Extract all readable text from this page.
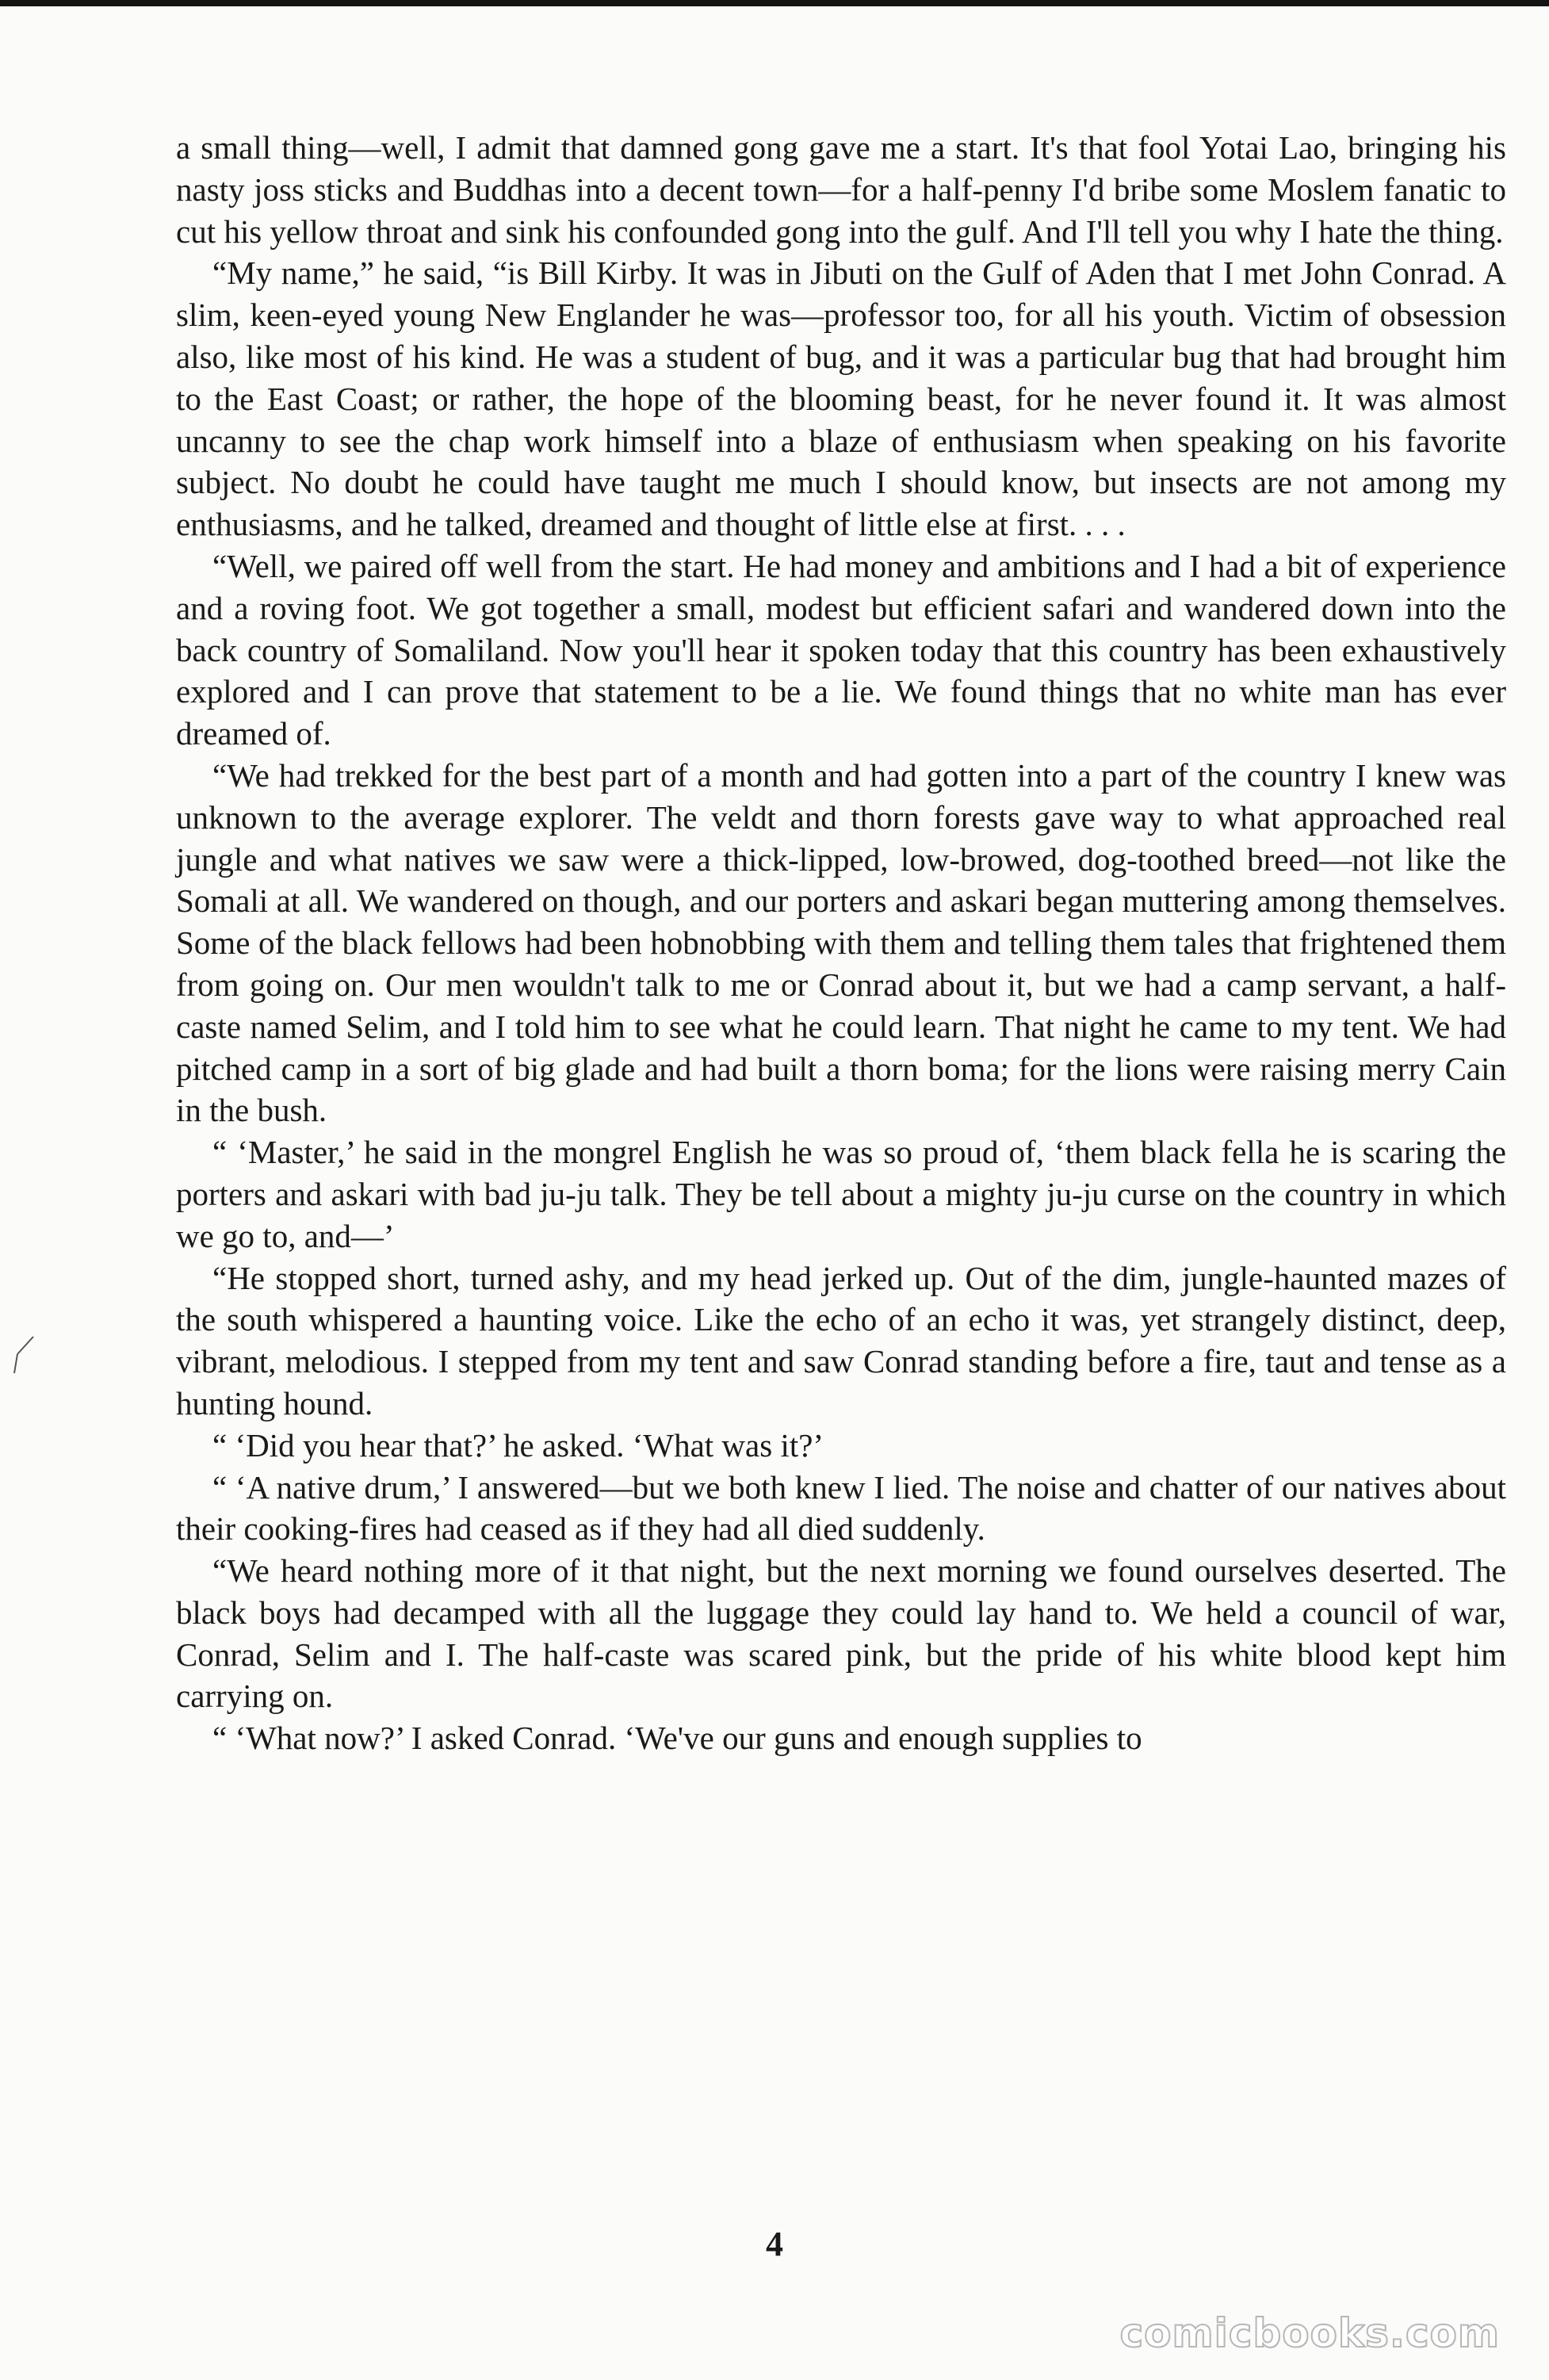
a small thing—well, I admit that damned gong gave me a start. It's that fool Yotai Lao, bringing his nasty joss sticks and Buddhas into a decent town—for a half-penny I'd bribe some Moslem fanatic to cut his yellow throat and sink his confounded gong into the gulf. And I'll tell you why I hate the thing.

“My name,” he said, “is Bill Kirby. It was in Jibuti on the Gulf of Aden that I met John Conrad. A slim, keen-eyed young New Englander he was—professor too, for all his youth. Victim of obsession also, like most of his kind. He was a student of bug, and it was a particular bug that had brought him to the East Coast; or rather, the hope of the blooming beast, for he never found it. It was almost uncanny to see the chap work himself into a blaze of enthusiasm when speaking on his favorite subject. No doubt he could have taught me much I should know, but insects are not among my enthusiasms, and he talked, dreamed and thought of little else at first. . . .

“Well, we paired off well from the start. He had money and ambitions and I had a bit of experience and a roving foot. We got together a small, modest but efficient safari and wandered down into the back country of Somaliland. Now you'll hear it spoken today that this country has been exhaustively explored and I can prove that statement to be a lie. We found things that no white man has ever dreamed of.

“We had trekked for the best part of a month and had gotten into a part of the country I knew was unknown to the average explorer. The veldt and thorn forests gave way to what approached real jungle and what natives we saw were a thick-lipped, low-browed, dog-toothed breed—not like the Somali at all. We wandered on though, and our porters and askari began muttering among themselves. Some of the black fellows had been hobnobbing with them and telling them tales that frightened them from going on. Our men wouldn't talk to me or Conrad about it, but we had a camp servant, a half-caste named Selim, and I told him to see what he could learn. That night he came to my tent. We had pitched camp in a sort of big glade and had built a thorn boma; for the lions were raising merry Cain in the bush.

“ ‘Master,’ he said in the mongrel English he was so proud of, ‘them black fella he is scaring the porters and askari with bad ju-ju talk. They be tell about a mighty ju-ju curse on the country in which we go to, and—’

“He stopped short, turned ashy, and my head jerked up. Out of the dim, jungle-haunted mazes of the south whispered a haunting voice. Like the echo of an echo it was, yet strangely distinct, deep, vibrant, melodious. I stepped from my tent and saw Conrad standing before a fire, taut and tense as a hunting hound.

“ ‘Did you hear that?’ he asked. ‘What was it?’

“ ‘A native drum,’ I answered—but we both knew I lied. The noise and chatter of our natives about their cooking-fires had ceased as if they had all died suddenly.

“We heard nothing more of it that night, but the next morning we found ourselves deserted. The black boys had decamped with all the luggage they could lay hand to. We held a council of war, Conrad, Selim and I. The half-caste was scared pink, but the pride of his white blood kept him carrying on.

“ ‘What now?’ I asked Conrad. ‘We've our guns and enough supplies to

4
comicbooks.com
